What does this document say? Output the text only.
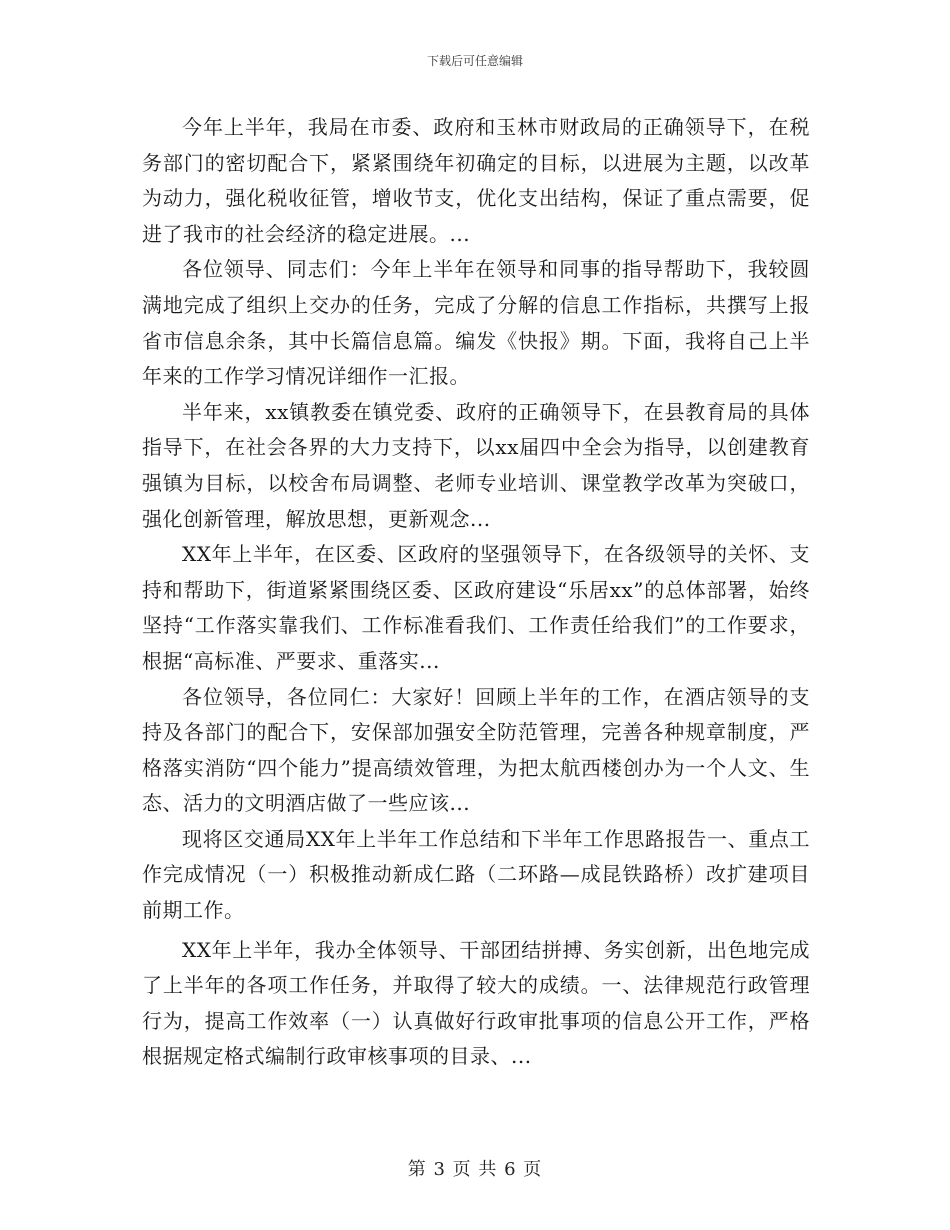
下载后可任意编辑

今年上半年，我局在市委、政府和玉林市财政局的正确领导下，在税务部门的密切配合下，紧紧围绕年初确定的目标，以进展为主题，以改革为动力，强化税收征管，增收节支，优化支出结构，保证了重点需要，促进了我市的社会经济的稳定进展。...

各位领导、同志们：今年上半年在领导和同事的指导帮助下，我较圆满地完成了组织上交办的任务，完成了分解的信息工作指标，共撰写上报省市信息余条，其中长篇信息篇。编发《快报》期。下面，我将自己上半年来的工作学习情况详细作一汇报。

半年来，xx镇教委在镇党委、政府的正确领导下，在县教育局的具体指导下，在社会各界的大力支持下，以xx届四中全会为指导，以创建教育强镇为目标，以校舍布局调整、老师专业培训、课堂教学改革为突破口，强化创新管理，解放思想，更新观念...

XX年上半年，在区委、区政府的坚强领导下，在各级领导的关怀、支持和帮助下，街道紧紧围绕区委、区政府建设“乐居xx”的总体部署，始终坚持“工作落实靠我们、工作标准看我们、工作责任给我们”的工作要求，根据“高标准、严要求、重落实...

各位领导，各位同仁：大家好！回顾上半年的工作，在酒店领导的支持及各部门的配合下，安保部加强安全防范管理，完善各种规章制度，严格落实消防“四个能力”提高绩效管理，为把太航西楼创办为一个人文、生态、活力的文明酒店做了一些应该...

现将区交通局XX年上半年工作总结和下半年工作思路报告一、重点工作完成情况（一）积极推动新成仁路（二环路—成昆铁路桥）改扩建项目前期工作。

XX年上半年，我办全体领导、干部团结拼搏、务实创新，出色地完成了上半年的各项工作任务，并取得了较大的成绩。一、法律规范行政管理行为，提高工作效率（一）认真做好行政审批事项的信息公开工作，严格根据规定格式编制行政审核事项的目录、...

第 3 页 共 6 页
